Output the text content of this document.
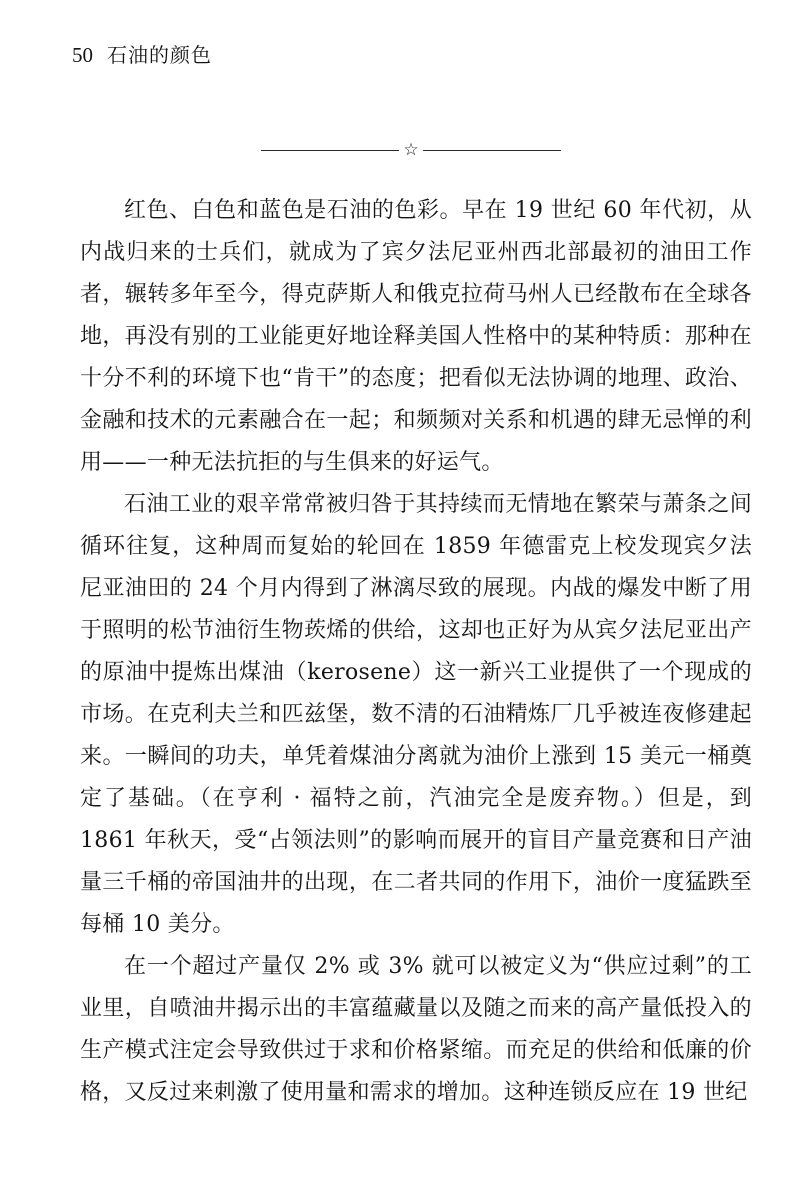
50 石油的颜色
☆

红色、白色和蓝色是石油的色彩。早在 19 世纪 60 年代初，从内战归来的士兵们，就成为了宾夕法尼亚州西北部最初的油田工作者，辗转多年至今，得克萨斯人和俄克拉荷马州人已经散布在全球各地，再没有别的工业能更好地诠释美国人性格中的某种特质：那种在十分不利的环境下也“肯干”的态度；把看似无法协调的地理、政治、金融和技术的元素融合在一起；和频频对关系和机遇的肆无忌惮的利用——一种无法抗拒的与生俱来的好运气。

石油工业的艰辛常常被归咎于其持续而无情地在繁荣与萧条之间循环往复，这种周而复始的轮回在 1859 年德雷克上校发现宾夕法尼亚油田的 24 个月内得到了淋漓尽致的展现。内战的爆发中断了用于照明的松节油衍生物莰烯的供给，这却也正好为从宾夕法尼亚出产的原油中提炼出煤油（kerosene）这一新兴工业提供了一个现成的市场。在克利夫兰和匹兹堡，数不清的石油精炼厂几乎被连夜修建起来。一瞬间的功夫，单凭着煤油分离就为油价上涨到 15 美元一桶奠定了基础。（在亨利 · 福特之前，汽油完全是废弃物。）但是，到 1861 年秋天，受“占领法则”的影响而展开的盲目产量竞赛和日产油量三千桶的帝国油井的出现，在二者共同的作用下，油价一度猛跌至每桶 10 美分。

在一个超过产量仅 2% 或 3% 就可以被定义为“供应过剩”的工业里，自喷油井揭示出的丰富蕴藏量以及随之而来的高产量低投入的生产模式注定会导致供过于求和价格紧缩。而充足的供给和低廉的价格，又反过来刺激了使用量和需求的增加。这种连锁反应在 19 世纪
